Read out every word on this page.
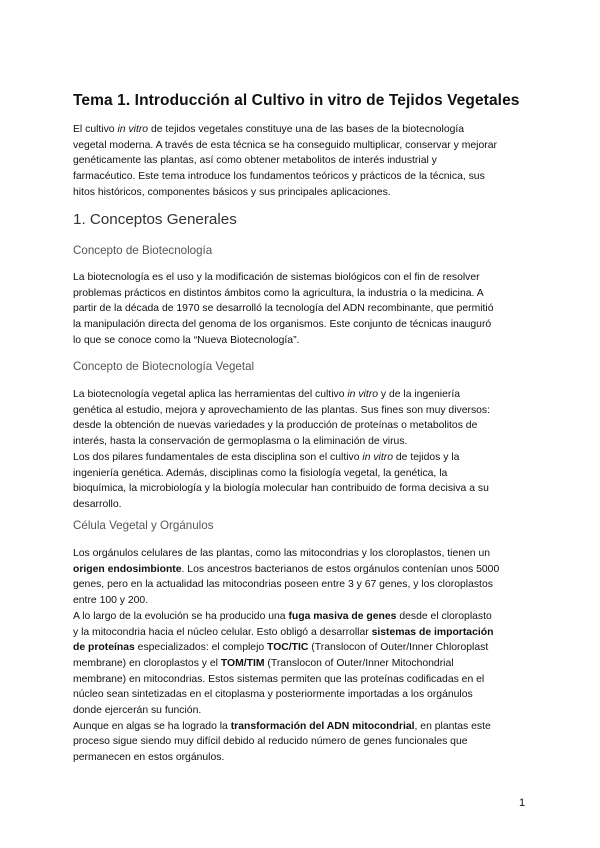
Tema 1. Introducción al Cultivo in vitro de Tejidos Vegetales

El cultivo in vitro de tejidos vegetales constituye una de las bases de la biotecnología
vegetal moderna. A través de esta técnica se ha conseguido multiplicar, conservar y mejorar
genéticamente las plantas, así como obtener metabolitos de interés industrial y
farmacéutico. Este tema introduce los fundamentos teóricos y prácticos de la técnica, sus
hitos históricos, componentes básicos y sus principales aplicaciones.

1. Conceptos Generales
Concepto de Biotecnología

La biotecnología es el uso y la modificación de sistemas biológicos con el fin de resolver
problemas prácticos en distintos ámbitos como la agricultura, la industria o la medicina. A
partir de la década de 1970 se desarrolló la tecnología del ADN recombinante, que permitió
la manipulación directa del genoma de los organismos. Este conjunto de técnicas inauguró
lo que se conoce como la “Nueva Biotecnología”.

Concepto de Biotecnología Vegetal

La biotecnología vegetal aplica las herramientas del cultivo in vitro y de la ingeniería
genética al estudio, mejora y aprovechamiento de las plantas. Sus fines son muy diversos:
desde la obtención de nuevas variedades y la producción de proteínas o metabolitos de
interés, hasta la conservación de germoplasma o la eliminación de virus.
Los dos pilares fundamentales de esta disciplina son el cultivo in vitro de tejidos y la
ingeniería genética. Además, disciplinas como la fisiología vegetal, la genética, la
bioquímica, la microbiología y la biología molecular han contribuido de forma decisiva a su
desarrollo.

Célula Vegetal y Orgánulos

Los orgánulos celulares de las plantas, como las mitocondrias y los cloroplastos, tienen un
origen endosimbionte. Los ancestros bacterianos de estos orgánulos contenían unos 5000
genes, pero en la actualidad las mitocondrias poseen entre 3 y 67 genes, y los cloroplastos
entre 100 y 200.
A lo largo de la evolución se ha producido una fuga masiva de genes desde el cloroplasto
y la mitocondria hacia el núcleo celular. Esto obligó a desarrollar sistemas de importación
de proteínas especializados: el complejo TOC/TIC (Translocon of Outer/Inner Chloroplast
membrane) en cloroplastos y el TOM/TIM (Translocon of Outer/Inner Mitochondrial
membrane) en mitocondrias. Estos sistemas permiten que las proteínas codificadas en el
núcleo sean sintetizadas en el citoplasma y posteriormente importadas a los orgánulos
donde ejercerán su función.
Aunque en algas se ha logrado la transformación del ADN mitocondrial, en plantas este
proceso sigue siendo muy difícil debido al reducido número de genes funcionales que
permanecen en estos orgánulos.

1
